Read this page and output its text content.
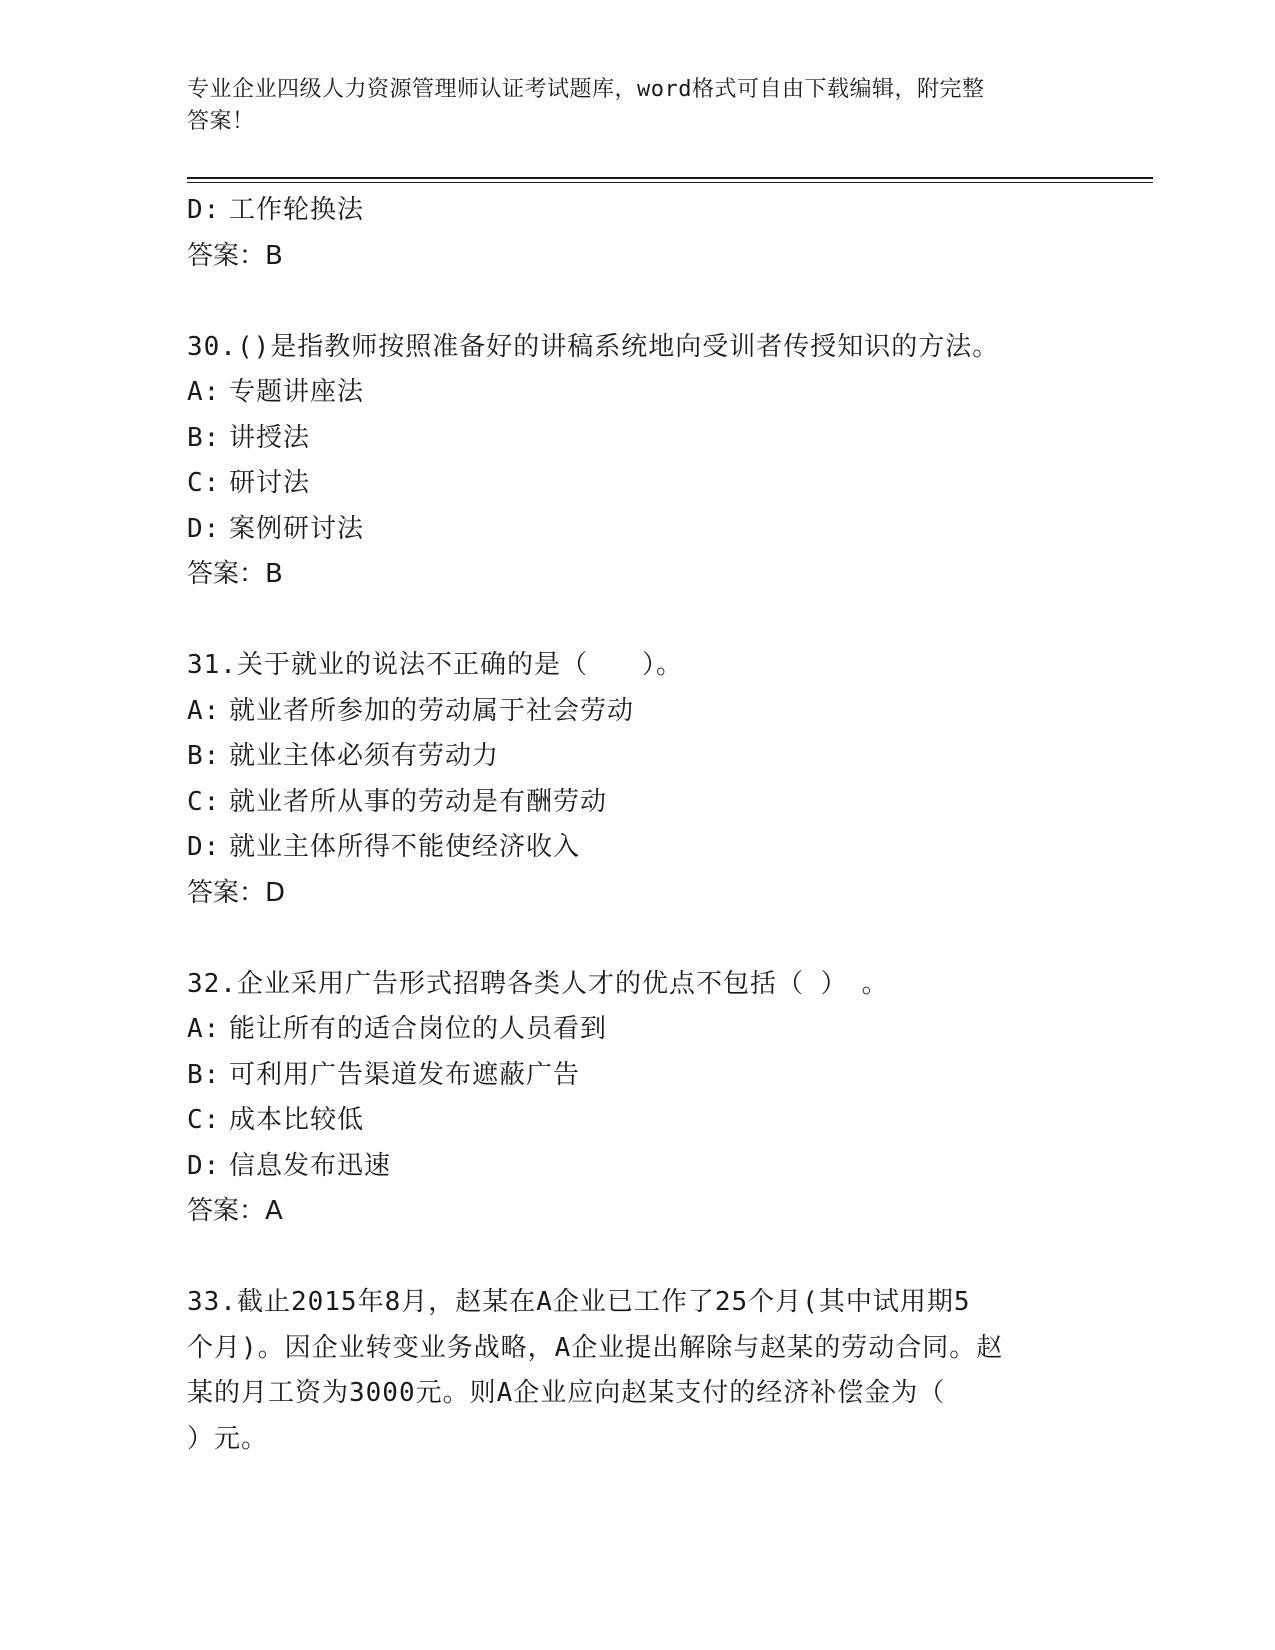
专业企业四级人力资源管理师认证考试题库，word格式可自由下载编辑，附完整
答案！
D: 工作轮换法
答案：B
30.()是指教师按照准备好的讲稿系统地向受训者传授知识的方法。
A: 专题讲座法
B: 讲授法
C: 研讨法
D: 案例研讨法
答案：B
31.关于就业的说法不正确的是（　　）。
A: 就业者所参加的劳动属于社会劳动
B: 就业主体必须有劳动力
C: 就业者所从事的劳动是有酬劳动
D: 就业主体所得不能使经济收入
答案：D
32.企业采用广告形式招聘各类人才的优点不包括（ ）　。
A: 能让所有的适合岗位的人员看到
B: 可利用广告渠道发布遮蔽广告
C: 成本比较低
D: 信息发布迅速
答案：A
33.截止2015年8月，赵某在A企业已工作了25个月(其中试用期5
个月)。因企业转变业务战略，A企业提出解除与赵某的劳动合同。赵
某的月工资为3000元。则A企业应向赵某支付的经济补偿金为（
）元。
